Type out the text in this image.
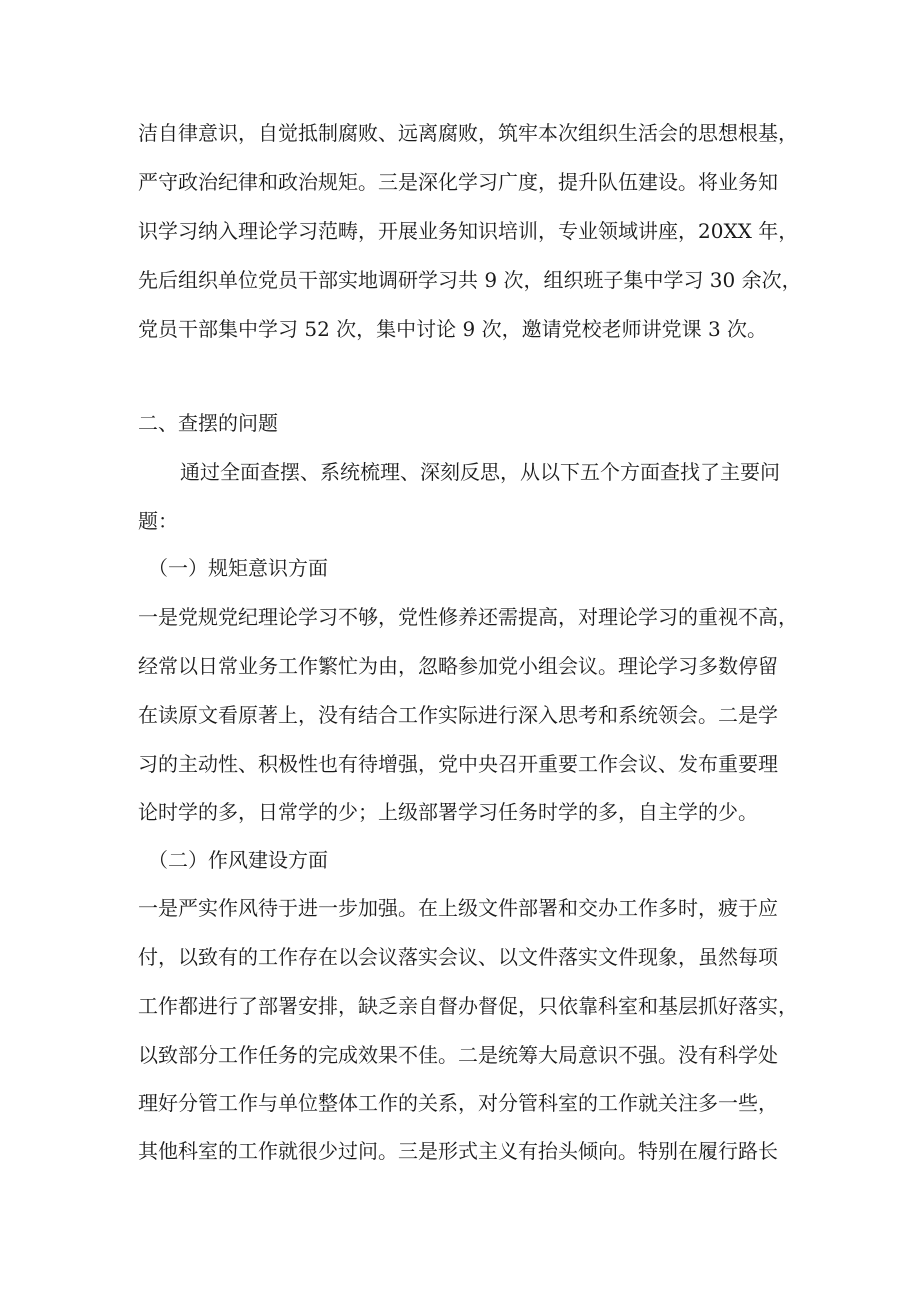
洁自律意识，自觉抵制腐败、远离腐败，筑牢本次组织生活会的思想根基，
严守政治纪律和政治规矩。三是深化学习广度，提升队伍建设。将业务知
识学习纳入理论学习范畴，开展业务知识培训，专业领域讲座，20XX 年，
先后组织单位党员干部实地调研学习共 9 次，组织班子集中学习 30 余次，
党员干部集中学习 52 次，集中讨论 9 次，邀请党校老师讲党课 3 次。
二、查摆的问题
通过全面查摆、系统梳理、深刻反思，从以下五个方面查找了主要问
题：
（一）规矩意识方面
一是党规党纪理论学习不够，党性修养还需提高，对理论学习的重视不高，
经常以日常业务工作繁忙为由，忽略参加党小组会议。理论学习多数停留
在读原文看原著上，没有结合工作实际进行深入思考和系统领会。二是学
习的主动性、积极性也有待增强，党中央召开重要工作会议、发布重要理
论时学的多，日常学的少；上级部署学习任务时学的多，自主学的少。
（二）作风建设方面
一是严实作风待于进一步加强。在上级文件部署和交办工作多时，疲于应
付，以致有的工作存在以会议落实会议、以文件落实文件现象，虽然每项
工作都进行了部署安排，缺乏亲自督办督促，只依靠科室和基层抓好落实，
以致部分工作任务的完成效果不佳。二是统筹大局意识不强。没有科学处
理好分管工作与单位整体工作的关系，对分管科室的工作就关注多一些，
其他科室的工作就很少过问。三是形式主义有抬头倾向。特别在履行路长
